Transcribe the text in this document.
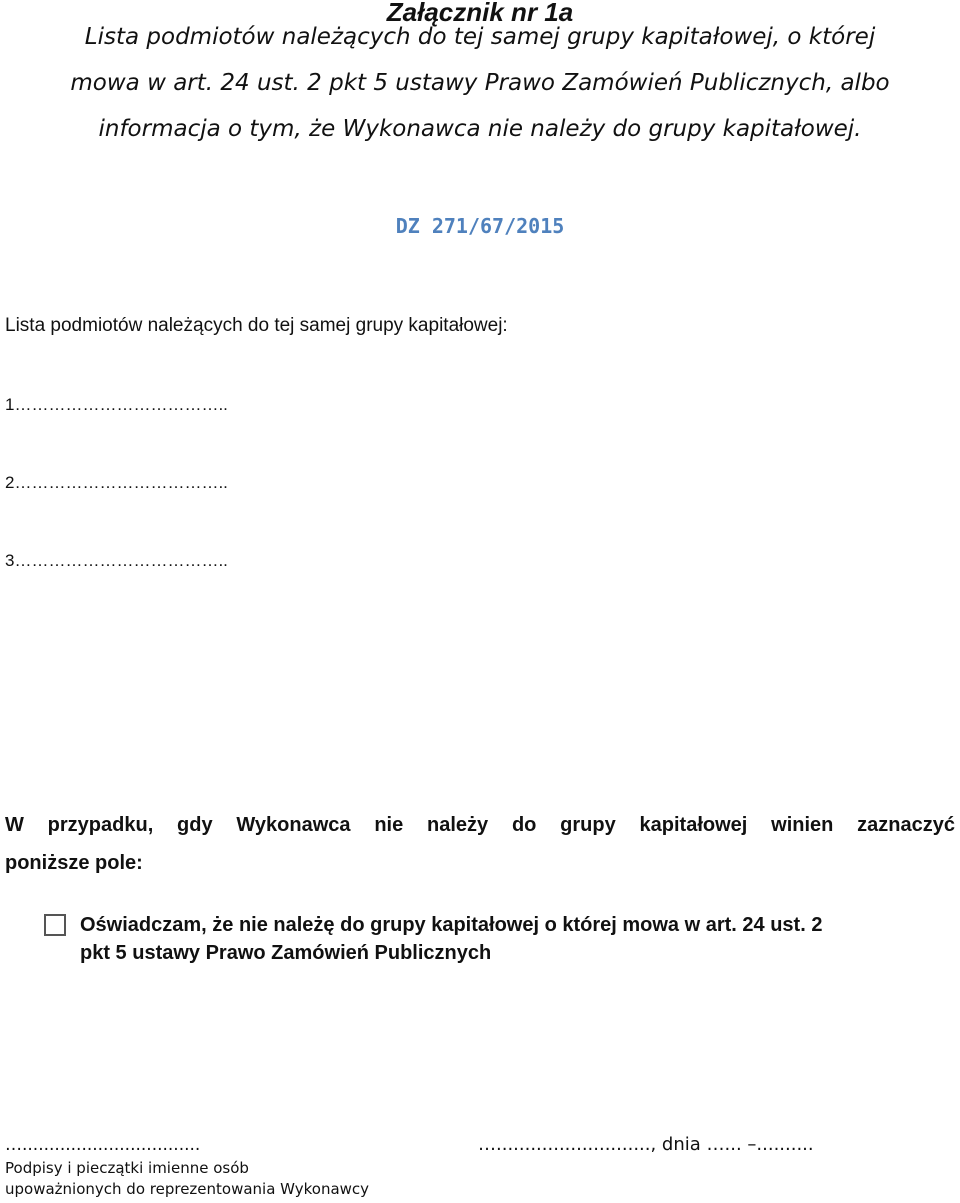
Załącznik nr 1a
Lista podmiotów należących do tej samej grupy kapitałowej, o której
mowa w art. 24 ust. 2 pkt 5 ustawy Prawo Zamówień Publicznych, albo
informacja o tym, że Wykonawca nie należy do grupy kapitałowej.
DZ 271/67/2015
Lista podmiotów należących do tej samej grupy kapitałowej:
1………………………………..
2………………………………..
3………………………………..
W przypadku, gdy Wykonawca nie należy do grupy kapitałowej winien zaznaczyć
poniższe pole:
Oświadczam, że nie należę do grupy kapitałowej o której mowa w art. 24 ust. 2
pkt 5 ustawy Prawo Zamówień Publicznych
….................................	…..........................., dnia …... –..........
Podpisy i pieczątki imienne osób
upoważnionych do reprezentowania Wykonawcy
